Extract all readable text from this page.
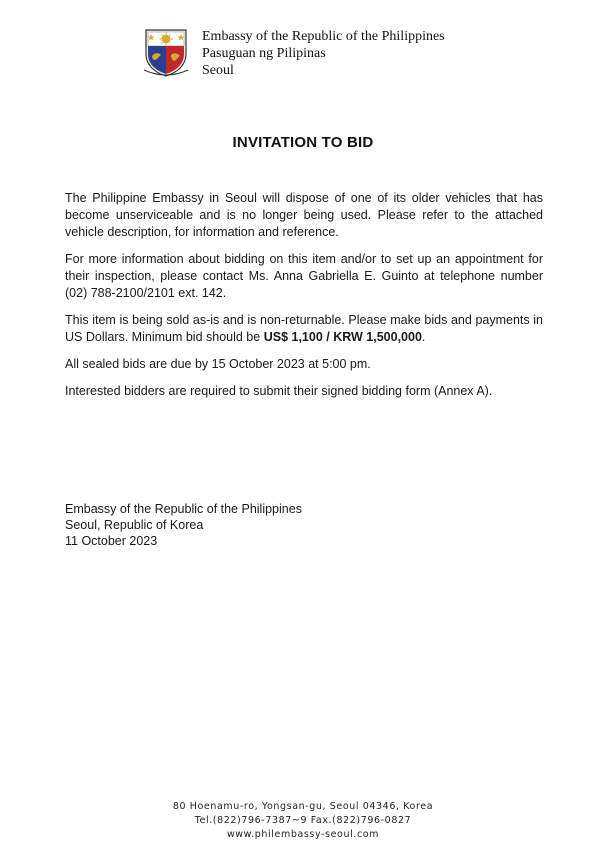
Embassy of the Republic of the Philippines
Pasuguan ng Pilipinas
Seoul
INVITATION TO BID

The Philippine Embassy in Seoul will dispose of one of its older vehicles that has become unserviceable and is no longer being used. Please refer to the attached vehicle description, for information and reference.

For more information about bidding on this item and/or to set up an appointment for their inspection, please contact Ms. Anna Gabriella E. Guinto at telephone number (02) 788-2100/2101 ext. 142.

This item is being sold as-is and is non-returnable. Please make bids and payments in US Dollars. Minimum bid should be US$ 1,100 / KRW 1,500,000.

All sealed bids are due by 15 October 2023 at 5:00 pm.

Interested bidders are required to submit their signed bidding form (Annex A).

Embassy of the Republic of the Philippines
Seoul, Republic of Korea
11 October 2023
80 Hoenamu-ro, Yongsan-gu, Seoul 04346, Korea
Tel.(822)796-7387~9 Fax.(822)796-0827
www.philembassy-seoul.com
